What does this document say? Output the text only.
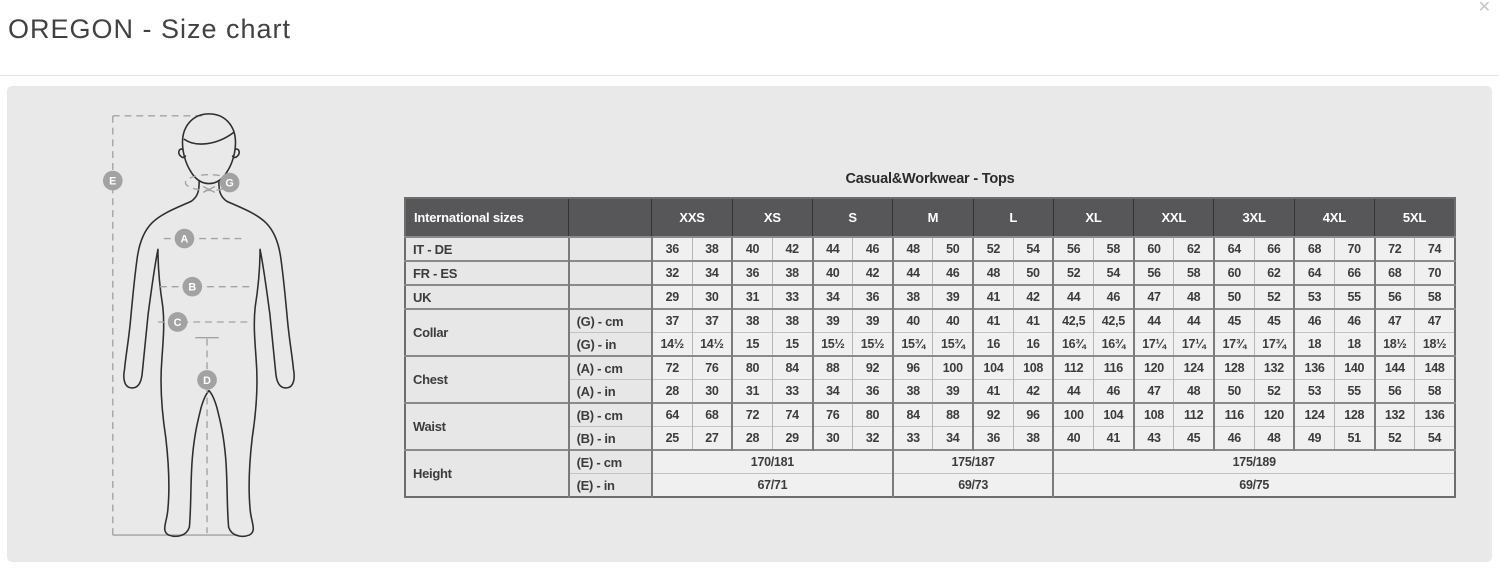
OREGON - Size chart
✕
E	G
A
B
C
D
Casual&Workwear - Tops
International sizes		XXS		XS		S		M		L		XL		XXL		3XL		4XL		5XL	
IT - DE		36	38	40	42	44	46	48	50	52	54	56	58	60	62	64	66	68	70	72	74
FR - ES		32	34	36	38	40	42	44	46	48	50	52	54	56	58	60	62	64	66	68	70
UK		29	30	31	33	34	36	38	39	41	42	44	46	47	48	50	52	53	55	56	58
Collar	(G) - cm	37	37	38	38	39	39	40	40	41	41	42,5	42,5	44	44	45	45	46	46	47	47
	(G) - in	14½	14½	15	15	15½	15½	15¾	15¾	16	16	16¾	16¾	17¼	17¼	17¾	17¾	18	18	18½	18½
Chest	(A) - cm	72	76	80	84	88	92	96	100	104	108	112	116	120	124	128	132	136	140	144	148
	(A) - in	28	30	31	33	34	36	38	39	41	42	44	46	47	48	50	52	53	55	56	58
Waist	(B) - cm	64	68	72	74	76	80	84	88	92	96	100	104	108	112	116	120	124	128	132	136
	(B) - in	25	27	28	29	30	32	33	34	36	38	40	41	43	45	46	48	49	51	52	54
Height	(E) - cm	170/181						175/187				175/189									
	(E) - in	67/71						69/73				69/75									
